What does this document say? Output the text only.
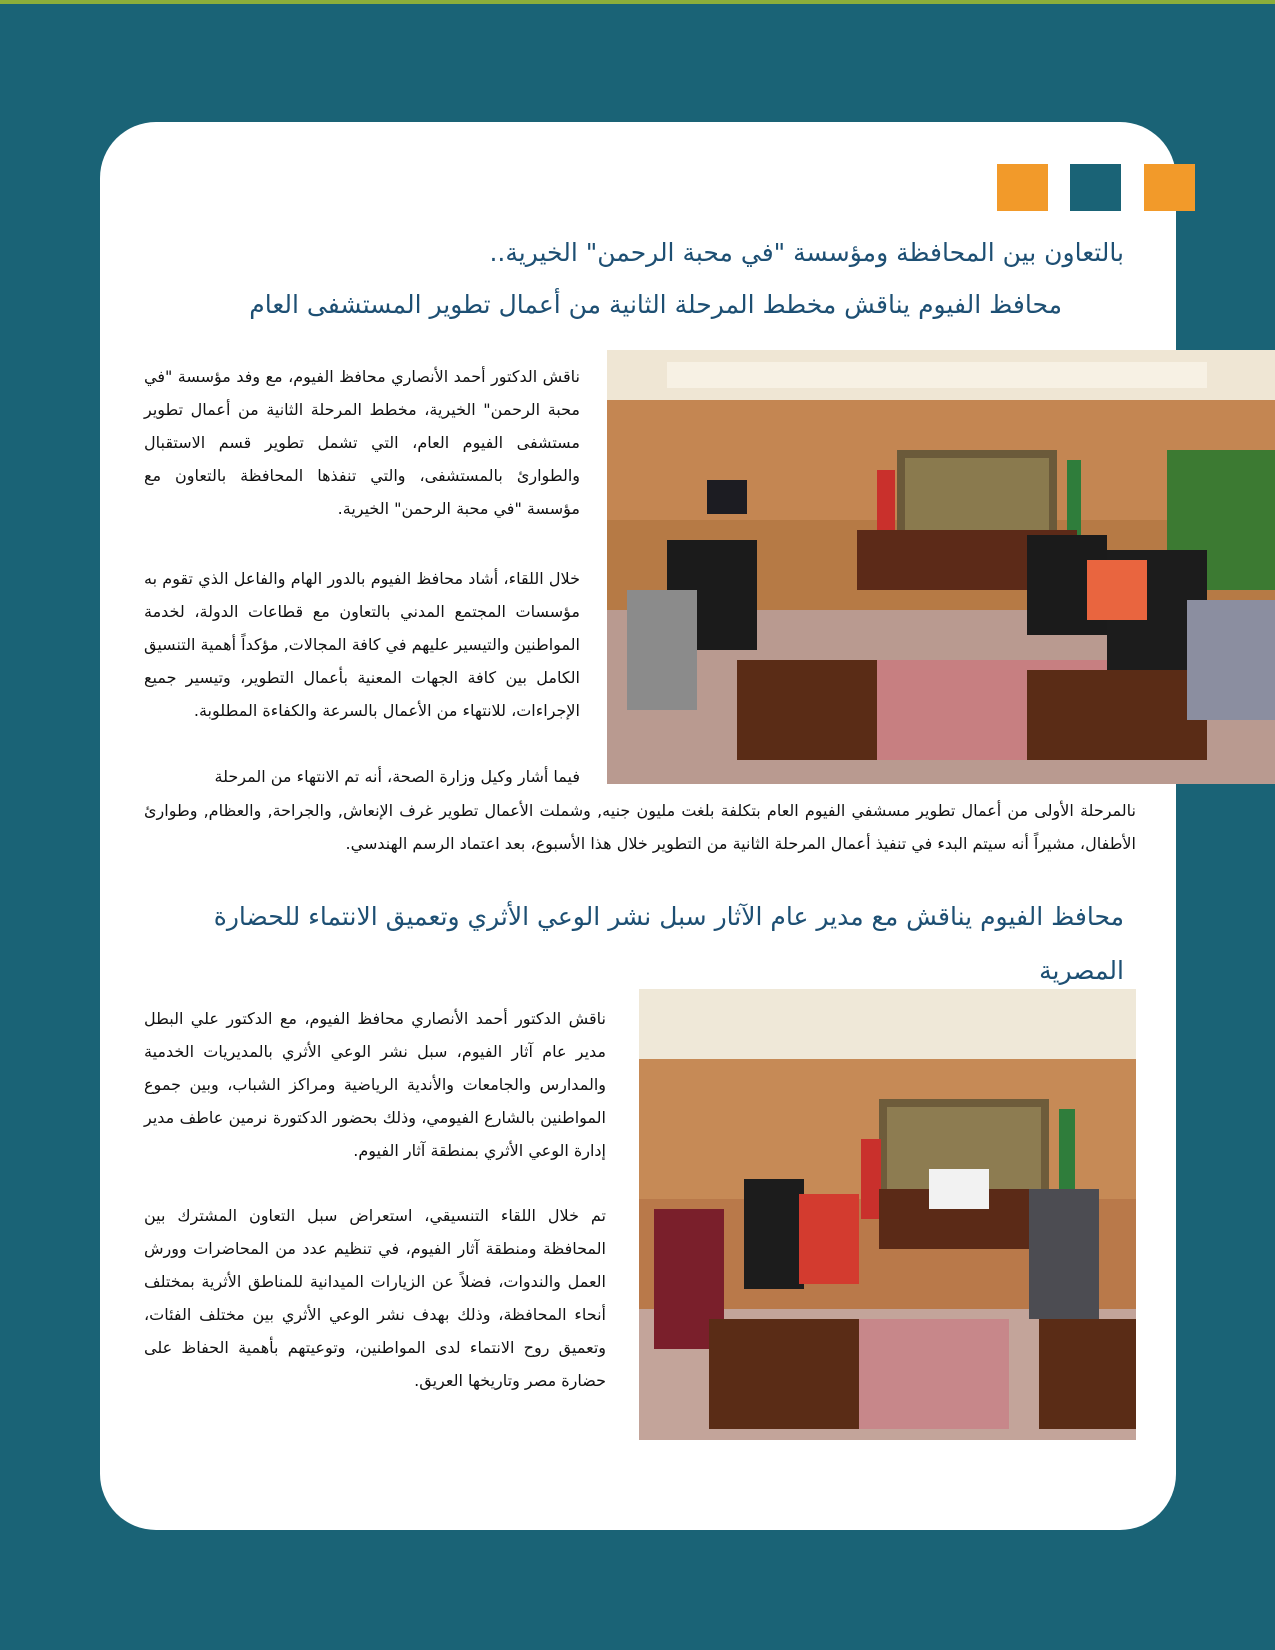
بالتعاون بين المحافظة ومؤسسة "في محبة الرحمن" الخيرية..
محافظ الفيوم يناقش مخطط المرحلة الثانية من أعمال تطوير المستشفى العام

ناقش الدكتور أحمد الأنصاري محافظ الفيوم، مع وفد مؤسسة "في محبة الرحمن" الخيرية، مخطط المرحلة الثانية من أعمال تطوير مستشفى الفيوم العام، التي تشمل تطوير قسم الاستقبال والطوارئ بالمستشفى، والتي تنفذها المحافظة بالتعاون مع مؤسسة "في محبة الرحمن" الخيرية.

خلال اللقاء، أشاد محافظ الفيوم بالدور الهام والفاعل الذي تقوم به مؤسسات المجتمع المدني بالتعاون مع قطاعات الدولة، لخدمة المواطنين والتيسير عليهم في كافة المجالات, مؤكداً أهمية التنسيق الكامل بين كافة الجهات المعنية بأعمال التطوير، وتيسير جميع الإجراءات، للانتهاء من الأعمال بالسرعة والكفاءة المطلوبة.

فيما أشار وكيل وزارة الصحة، أنه تم الانتهاء من المرحلة

نالمرحلة الأولى من أعمال تطوير مسشفي الفيوم العام بتكلفة بلغت مليون جنيه, وشملت الأعمال تطوير غرف الإنعاش, والجراحة, والعظام, وطوارئ الأطفال، مشيراً أنه سيتم البدء في تنفيذ أعمال المرحلة الثانية من التطوير خلال هذا الأسبوع، بعد اعتماد الرسم الهندسي.

محافظ الفيوم يناقش مع مدير عام الآثار سبل نشر الوعي الأثري وتعميق الانتماء للحضارة
المصرية

ناقش الدكتور أحمد الأنصاري محافظ الفيوم، مع الدكتور علي البطل مدير عام آثار الفيوم، سبل نشر الوعي الأثري بالمديريات الخدمية والمدارس والجامعات والأندية الرياضية ومراكز الشباب، وبين جموع المواطنين بالشارع الفيومي، وذلك بحضور الدكتورة نرمين عاطف مدير إدارة الوعي الأثري بمنطقة آثار الفيوم.

تم خلال اللقاء التنسيقي، استعراض سبل التعاون المشترك بين المحافظة ومنطقة آثار الفيوم، في تنظيم عدد من المحاضرات وورش العمل والندوات، فضلاً عن الزيارات الميدانية للمناطق الأثرية بمختلف أنحاء المحافظة، وذلك بهدف نشر الوعي الأثري بين مختلف الفئات، وتعميق روح الانتماء لدى المواطنين، وتوعيتهم بأهمية الحفاظ على حضارة مصر وتاريخها العريق.
